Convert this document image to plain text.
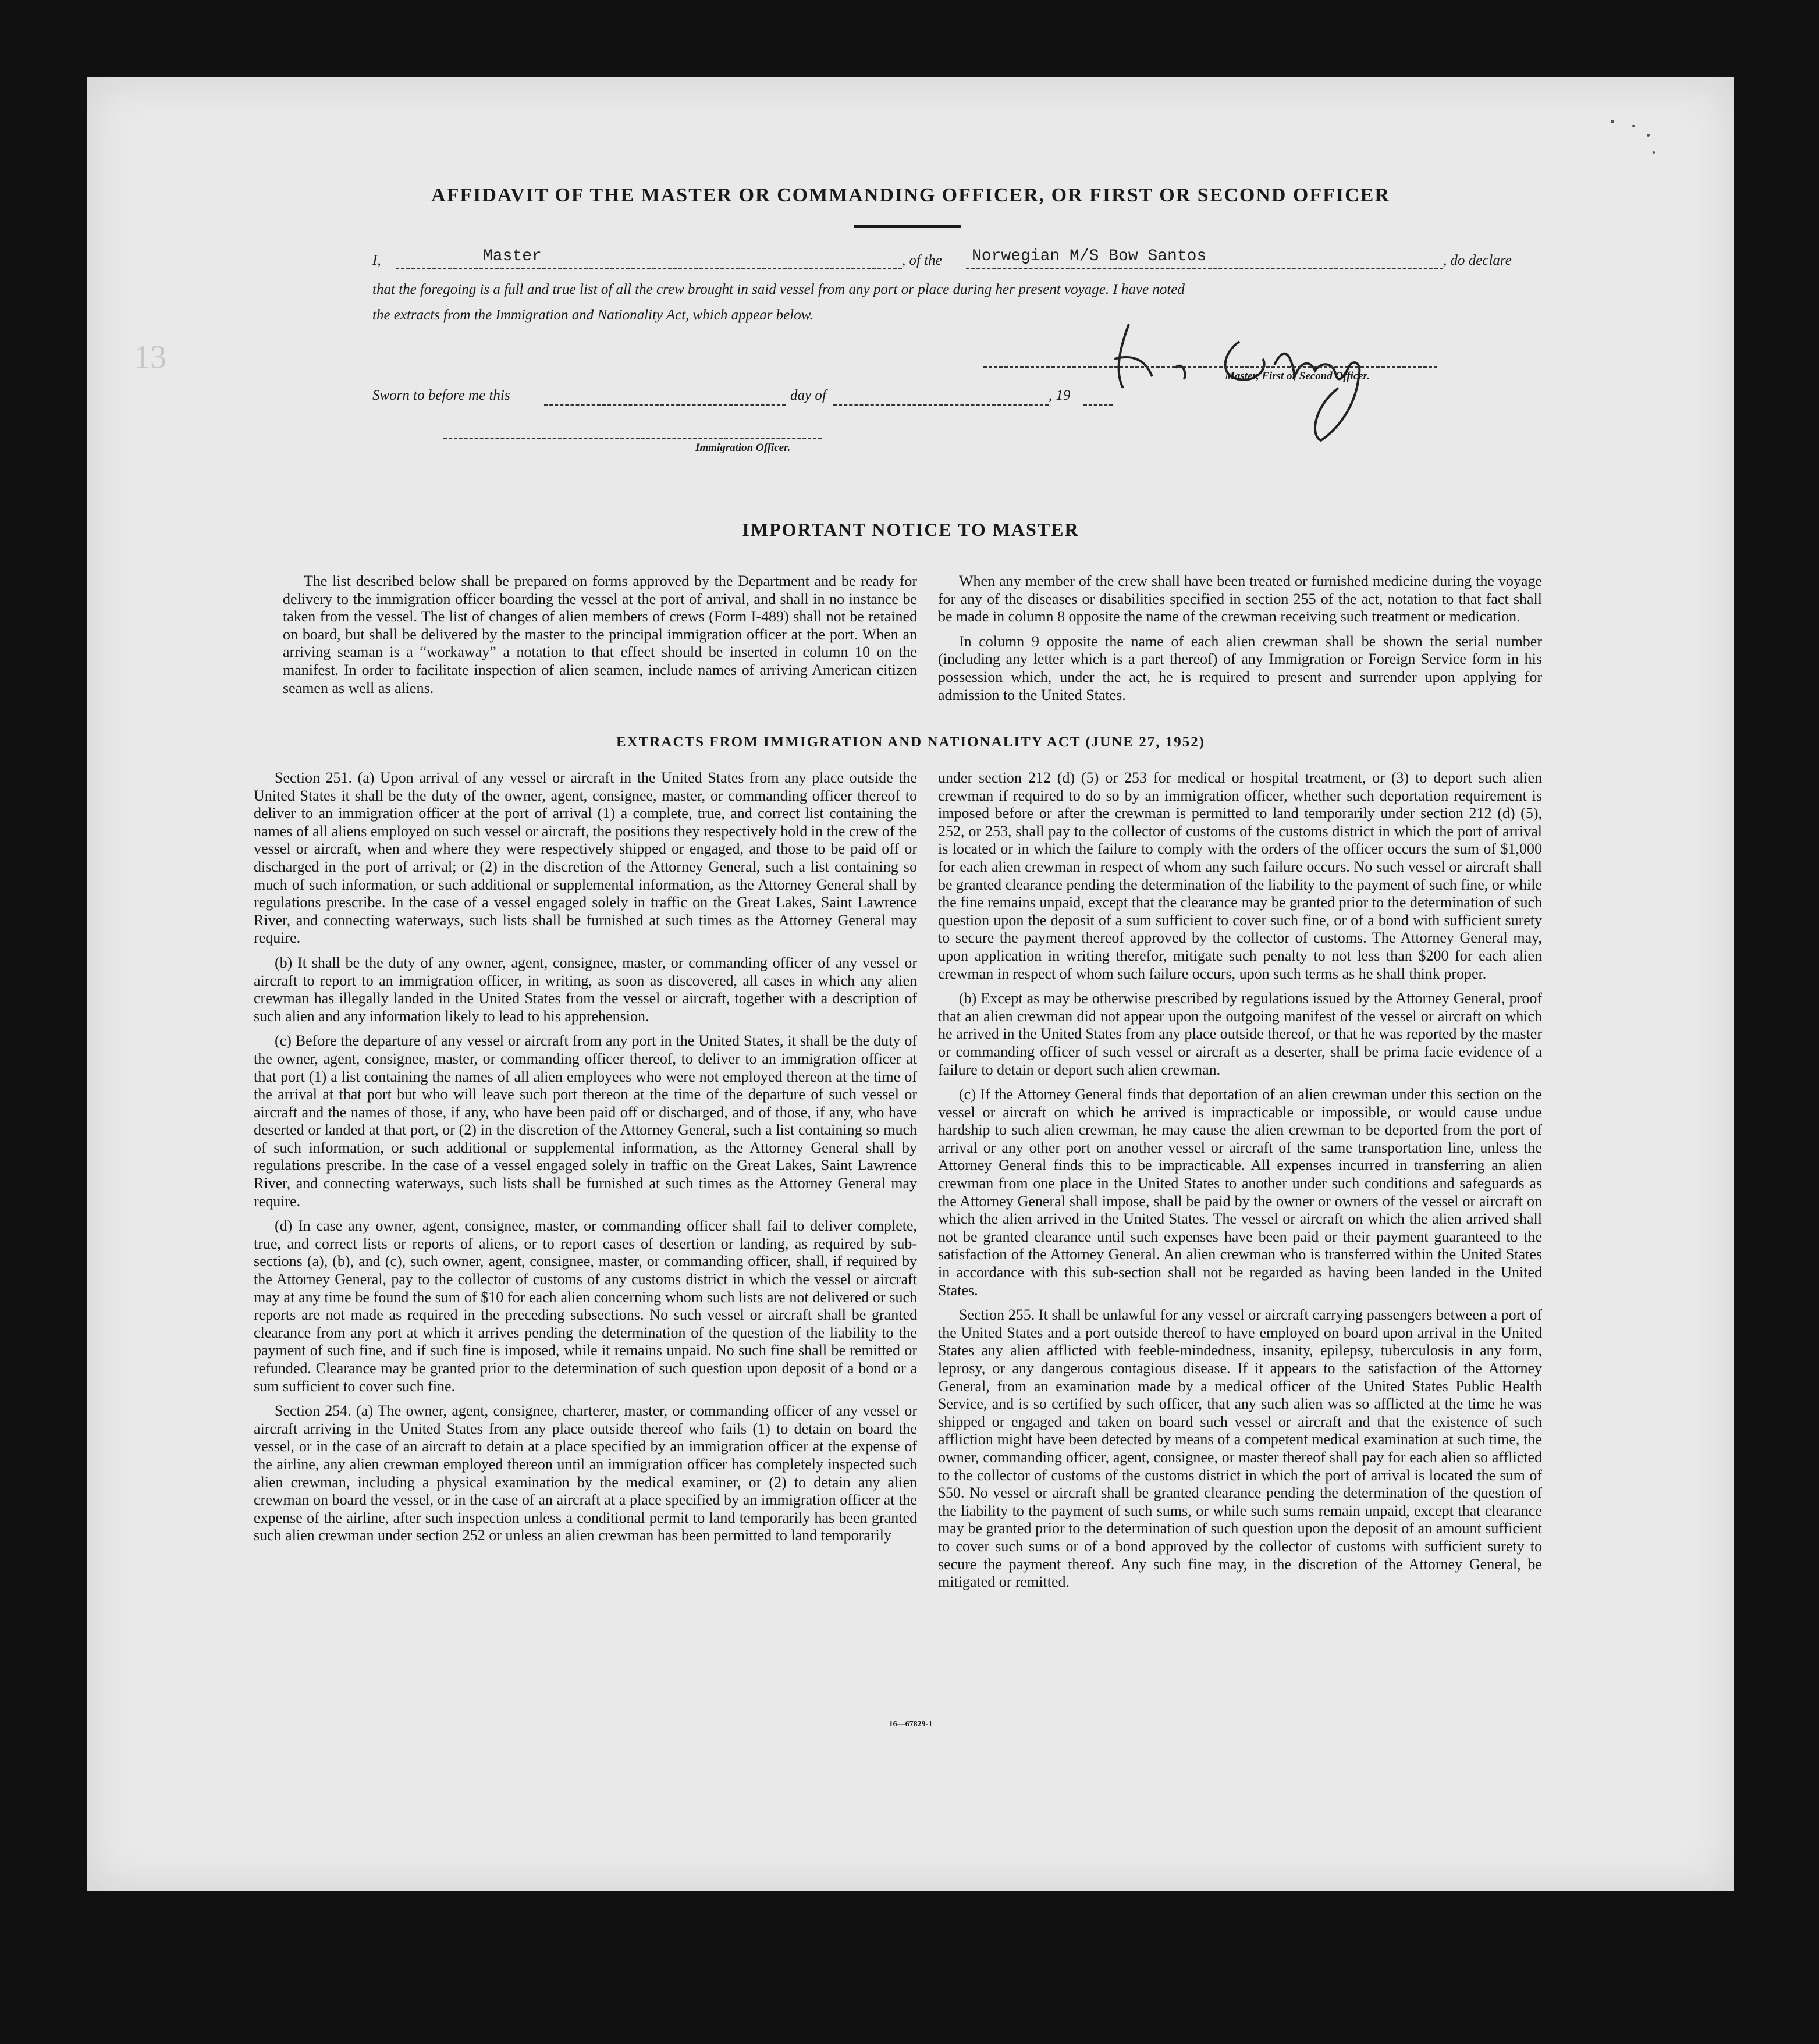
13
AFFIDAVIT OF THE MASTER OR COMMANDING OFFICER, OR FIRST OR SECOND OFFICER
I,	Master	, of the Norwegian M/S Bow Santos	, do declare
that the foregoing is a full and true list of all the crew brought in said vessel from any port or place during her present voyage. I have noted
the extracts from the Immigration and Nationality Act, which appear below.
Master, First or Second Officer.
Sworn to before me this	day of	, 19
Immigration Officer.
IMPORTANT NOTICE TO MASTER

The list described below shall be prepared on forms approved by the Department and be ready for delivery to the immigration officer boarding the vessel at the port of arrival, and shall in no instance be taken from the vessel. The list of changes of alien members of crews (Form I-489) shall not be retained on board, but shall be delivered by the master to the principal immigration officer at the port. When an arriving seaman is a “workaway” a notation to that effect should be inserted in column 10 on the manifest. In order to facilitate inspection of alien seamen, include names of arriving American citizen seamen as well as aliens.

When any member of the crew shall have been treated or furnished medicine during the voyage for any of the diseases or disabilities specified in section 255 of the act, notation to that fact shall be made in column 8 opposite the name of the crewman receiving such treatment or medication.

In column 9 opposite the name of each alien crewman shall be shown the serial number (including any letter which is a part thereof) of any Immigration or Foreign Service form in his possession which, under the act, he is required to present and surrender upon applying for admission to the United States.

EXTRACTS FROM IMMIGRATION AND NATIONALITY ACT (JUNE 27, 1952)

Section 251. (a) Upon arrival of any vessel or aircraft in the United States from any place outside the United States it shall be the duty of the owner, agent, consignee, master, or commanding officer thereof to deliver to an immigration officer at the port of arrival (1) a complete, true, and correct list containing the names of all aliens employed on such vessel or aircraft, the positions they respectively hold in the crew of the vessel or aircraft, when and where they were respectively shipped or engaged, and those to be paid off or discharged in the port of arrival; or (2) in the discretion of the Attorney General, such a list containing so much of such information, or such additional or supplemental information, as the Attorney General shall by regulations prescribe. In the case of a vessel engaged solely in traffic on the Great Lakes, Saint Lawrence River, and connecting waterways, such lists shall be furnished at such times as the Attorney General may require.

(b) It shall be the duty of any owner, agent, consignee, master, or commanding officer of any vessel or aircraft to report to an immigration officer, in writing, as soon as discovered, all cases in which any alien crewman has illegally landed in the United States from the vessel or aircraft, together with a description of such alien and any information likely to lead to his apprehension.

(c) Before the departure of any vessel or aircraft from any port in the United States, it shall be the duty of the owner, agent, consignee, master, or commanding officer thereof, to deliver to an immigration officer at that port (1) a list containing the names of all alien employees who were not employed thereon at the time of the arrival at that port but who will leave such port thereon at the time of the departure of such vessel or aircraft and the names of those, if any, who have been paid off or discharged, and of those, if any, who have deserted or landed at that port, or (2) in the discretion of the Attorney General, such a list containing so much of such information, or such additional or supplemental information, as the Attorney General shall by regulations prescribe. In the case of a vessel engaged solely in traffic on the Great Lakes, Saint Lawrence River, and connecting waterways, such lists shall be furnished at such times as the Attorney General may require.

(d) In case any owner, agent, consignee, master, or commanding officer shall fail to deliver complete, true, and correct lists or reports of aliens, or to report cases of desertion or landing, as required by sub-sections (a), (b), and (c), such owner, agent, consignee, master, or commanding officer, shall, if required by the Attorney General, pay to the collector of customs of any customs district in which the vessel or aircraft may at any time be found the sum of $10 for each alien concerning whom such lists are not delivered or such reports are not made as required in the preceding subsections. No such vessel or aircraft shall be granted clearance from any port at which it arrives pending the determination of the question of the liability to the payment of such fine, and if such fine is imposed, while it remains unpaid. No such fine shall be remitted or refunded. Clearance may be granted prior to the determination of such question upon deposit of a bond or a sum sufficient to cover such fine.

Section 254. (a) The owner, agent, consignee, charterer, master, or commanding officer of any vessel or aircraft arriving in the United States from any place outside thereof who fails (1) to detain on board the vessel, or in the case of an aircraft to detain at a place specified by an immigration officer at the expense of the airline, any alien crewman employed thereon until an immigration officer has completely inspected such alien crewman, including a physical examination by the medical examiner, or (2) to detain any alien crewman on board the vessel, or in the case of an aircraft at a place specified by an immigration officer at the expense of the airline, after such inspection unless a conditional permit to land temporarily has been granted such alien crewman under section 252 or unless an alien crewman has been permitted to land temporarily

under section 212 (d) (5) or 253 for medical or hospital treatment, or (3) to deport such alien crewman if required to do so by an immigration officer, whether such deportation requirement is imposed before or after the crewman is permitted to land temporarily under section 212 (d) (5), 252, or 253, shall pay to the collector of customs of the customs district in which the port of arrival is located or in which the failure to comply with the orders of the officer occurs the sum of $1,000 for each alien crewman in respect of whom any such failure occurs. No such vessel or aircraft shall be granted clearance pending the determination of the liability to the payment of such fine, or while the fine remains unpaid, except that the clearance may be granted prior to the determination of such question upon the deposit of a sum sufficient to cover such fine, or of a bond with sufficient surety to secure the payment thereof approved by the collector of customs. The Attorney General may, upon application in writing therefor, mitigate such penalty to not less than $200 for each alien crewman in respect of whom such failure occurs, upon such terms as he shall think proper.

(b) Except as may be otherwise prescribed by regulations issued by the Attorney General, proof that an alien crewman did not appear upon the outgoing manifest of the vessel or aircraft on which he arrived in the United States from any place outside thereof, or that he was reported by the master or commanding officer of such vessel or aircraft as a deserter, shall be prima facie evidence of a failure to detain or deport such alien crewman.

(c) If the Attorney General finds that deportation of an alien crewman under this section on the vessel or aircraft on which he arrived is impracticable or impossible, or would cause undue hardship to such alien crewman, he may cause the alien crewman to be deported from the port of arrival or any other port on another vessel or aircraft of the same transportation line, unless the Attorney General finds this to be impracticable. All expenses incurred in transferring an alien crewman from one place in the United States to another under such conditions and safeguards as the Attorney General shall impose, shall be paid by the owner or owners of the vessel or aircraft on which the alien arrived in the United States. The vessel or aircraft on which the alien arrived shall not be granted clearance until such expenses have been paid or their payment guaranteed to the satisfaction of the Attorney General. An alien crewman who is transferred within the United States in accordance with this sub-section shall not be regarded as having been landed in the United States.

Section 255. It shall be unlawful for any vessel or aircraft carrying passengers between a port of the United States and a port outside thereof to have employed on board upon arrival in the United States any alien afflicted with feeble-mindedness, insanity, epilepsy, tuberculosis in any form, leprosy, or any dangerous contagious disease. If it appears to the satisfaction of the Attorney General, from an examination made by a medical officer of the United States Public Health Service, and is so certified by such officer, that any such alien was so afflicted at the time he was shipped or engaged and taken on board such vessel or aircraft and that the existence of such affliction might have been detected by means of a competent medical examination at such time, the owner, commanding officer, agent, consignee, or master thereof shall pay for each alien so afflicted to the collector of customs of the customs district in which the port of arrival is located the sum of $50. No vessel or aircraft shall be granted clearance pending the determination of the question of the liability to the payment of such sums, or while such sums remain unpaid, except that clearance may be granted prior to the determination of such question upon the deposit of an amount sufficient to cover such sums or of a bond approved by the collector of customs with sufficient surety to secure the payment thereof. Any such fine may, in the discretion of the Attorney General, be mitigated or remitted.

16—67829-1
